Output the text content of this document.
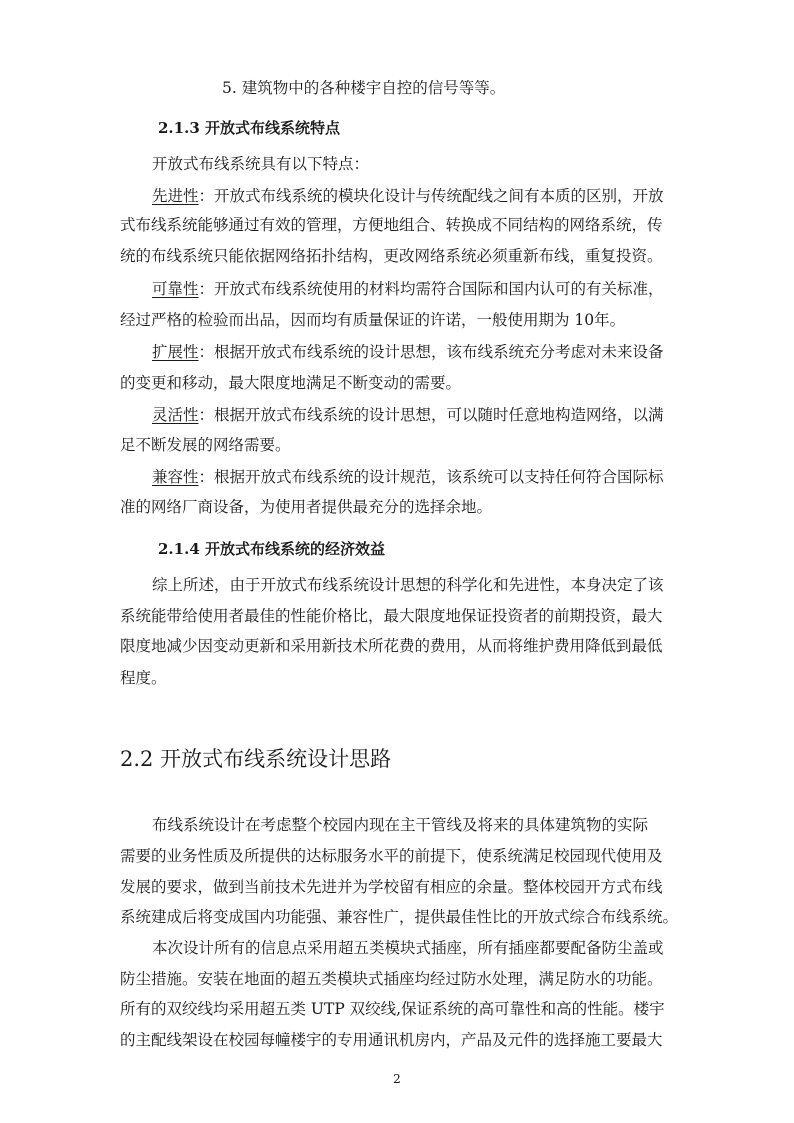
5. 建筑物中的各种楼宇自控的信号等等。
2.1.3 开放式布线系统特点
开放式布线系统具有以下特点：
先进性：开放式布线系统的模块化设计与传统配线之间有本质的区别，开放
式布线系统能够通过有效的管理，方便地组合、转换成不同结构的网络系统，传
统的布线系统只能依据网络拓扑结构，更改网络系统必须重新布线，重复投资。
可靠性：开放式布线系统使用的材料均需符合国际和国内认可的有关标准，
经过严格的检验而出品，因而均有质量保证的许诺，一般使用期为 10年。
扩展性：根据开放式布线系统的设计思想，该布线系统充分考虑对未来设备
的变更和移动，最大限度地满足不断变动的需要。
灵活性：根据开放式布线系统的设计思想，可以随时任意地构造网络，以满
足不断发展的网络需要。
兼容性：根据开放式布线系统的设计规范，该系统可以支持任何符合国际标
准的网络厂商设备，为使用者提供最充分的选择余地。
2.1.4 开放式布线系统的经济效益
综上所述，由于开放式布线系统设计思想的科学化和先进性，本身决定了该
系统能带给使用者最佳的性能价格比，最大限度地保证投资者的前期投资，最大
限度地减少因变动更新和采用新技术所花费的费用，从而将维护费用降低到最低
程度。
2.2 开放式布线系统设计思路
布线系统设计在考虑整个校园内现在主干管线及将来的具体建筑物的实际
需要的业务性质及所提供的达标服务水平的前提下，使系统满足校园现代使用及
发展的要求，做到当前技术先进并为学校留有相应的余量。整体校园开方式布线
系统建成后将变成国内功能强、兼容性广，提供最佳性比的开放式综合布线系统。
本次设计所有的信息点采用超五类模块式插座，所有插座都要配备防尘盖或
防尘措施。安装在地面的超五类模块式插座均经过防水处理，满足防水的功能。
所有的双绞线均采用超五类 UTP 双绞线,保证系统的高可靠性和高的性能。楼宇
的主配线架设在校园每幢楼宇的专用通讯机房内，产品及元件的选择施工要最大
2
